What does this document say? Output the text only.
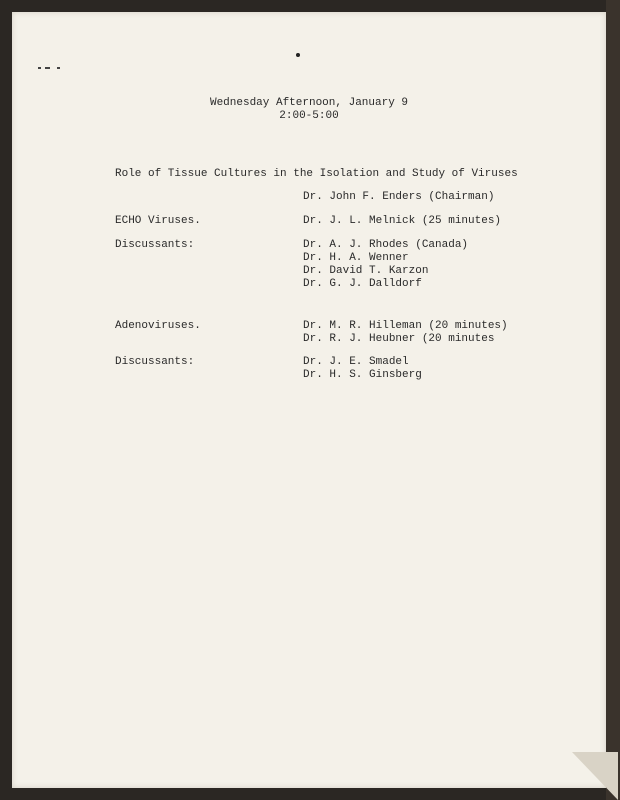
Wednesday Afternoon, January 9

2:00-5:00

Role of Tissue Cultures in the Isolation and Study of Viruses

Dr. John F. Enders (Chairman)

ECHO Viruses.	Dr. J. L. Melnick (25 minutes)

Discussants:	Dr. A. J. Rhodes (Canada)

Dr. H. A. Wenner

Dr. David T. Karzon

Dr. G. J. Dalldorf

Adenoviruses.	Dr. M. R. Hilleman (20 minutes)

Dr. R. J. Heubner (20 minutes

Discussants:	Dr. J. E. Smadel

Dr. H. S. Ginsberg
